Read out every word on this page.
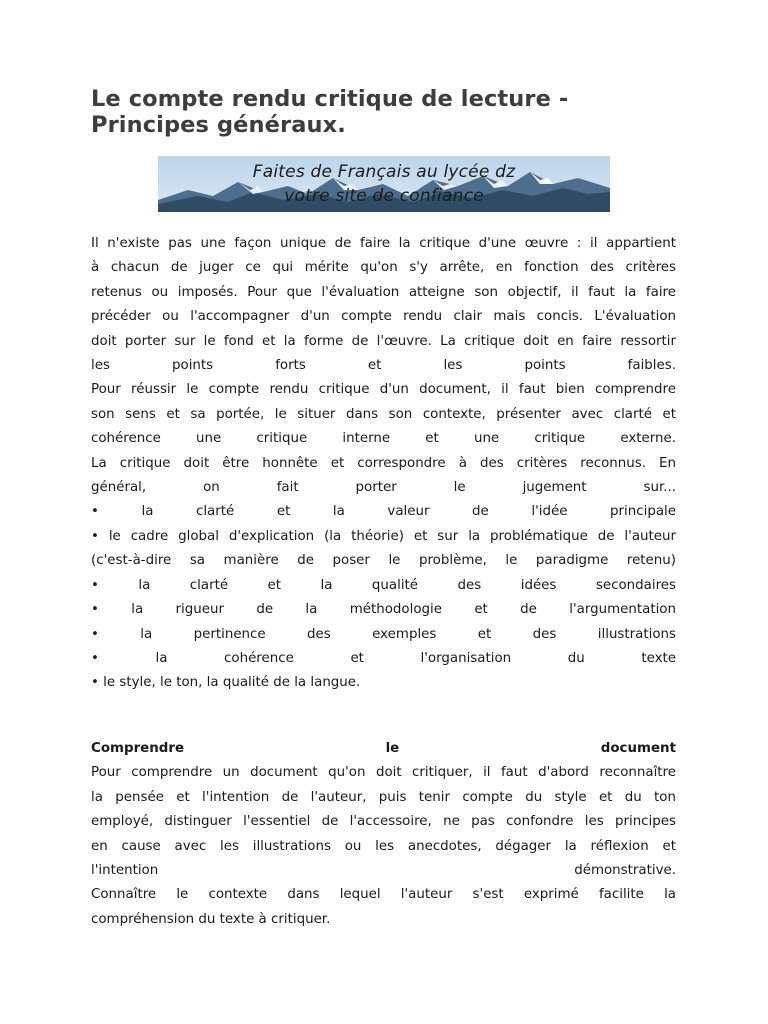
Le compte rendu critique de lecture -
Principes généraux.
Faites de Français au lycée dz
votre site de confiance

Il n'existe pas une façon unique de faire la critique d'une œuvre : il appartient

à chacun de juger ce qui mérite qu'on s'y arrête, en fonction des critères

retenus ou imposés. Pour que l'évaluation atteigne son objectif, il faut la faire

précéder ou l'accompagner d'un compte rendu clair mais concis. L'évaluation

doit porter sur le fond et la forme de l'œuvre. La critique doit en faire ressortir

les points forts et les points faibles.

Pour réussir le compte rendu critique d'un document, il faut bien comprendre

son sens et sa portée, le situer dans son contexte, présenter avec clarté et

cohérence une critique interne et une critique externe.

La critique doit être honnête et correspondre à des critères reconnus. En

général, on fait porter le jugement sur...

• la clarté et la valeur de l'idée principale

• le cadre global d'explication (la théorie) et sur la problématique de l'auteur

(c'est-à-dire sa manière de poser le problème, le paradigme retenu)

• la clarté et la qualité des idées secondaires

• la rigueur de la méthodologie et de l'argumentation

• la pertinence des exemples et des illustrations

• la cohérence et l'organisation du texte

• le style, le ton, la qualité de la langue.

Comprendre le document

Pour comprendre un document qu'on doit critiquer, il faut d'abord reconnaître

la pensée et l'intention de l'auteur, puis tenir compte du style et du ton

employé, distinguer l'essentiel de l'accessoire, ne pas confondre les principes

en cause avec les illustrations ou les anecdotes, dégager la réflexion et

l'intention démonstrative.

Connaître le contexte dans lequel l'auteur s'est exprimé facilite la

compréhension du texte à critiquer.
